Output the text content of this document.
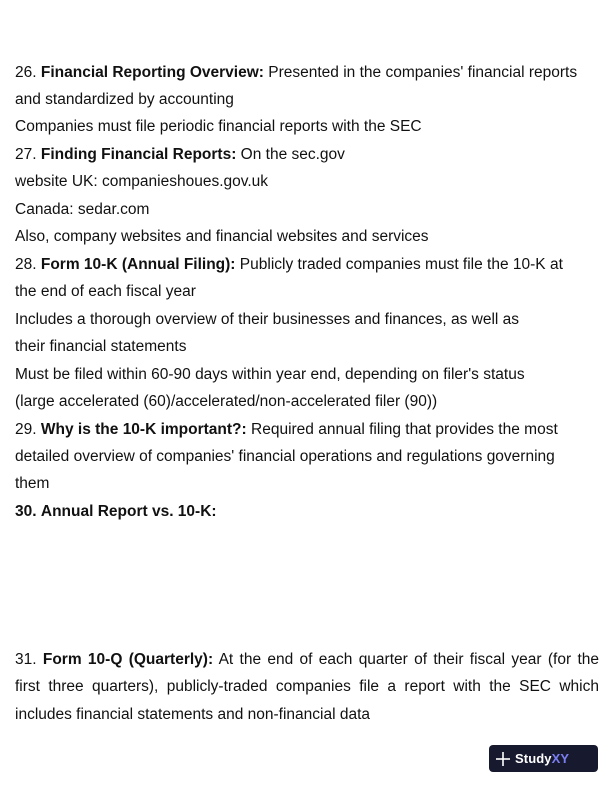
26. Financial Reporting Overview: Presented in the companies' financial reports
and standardized by accounting
Companies must file periodic financial reports with the SEC
27. Finding Financial Reports: On the sec.gov
website UK: companieshoues.gov.uk
Canada: sedar.com
Also, company websites and financial websites and services
28. Form 10-K (Annual Filing): Publicly traded companies must file the 10-K at
the end of each fiscal year
Includes a thorough overview of their businesses and finances, as well as
their financial statements
Must be filed within 60-90 days within year end, depending on filer's status
(large accelerated (60)/accelerated/non-accelerated filer (90))
29. Why is the 10-K important?: Required annual filing that provides the most
detailed overview of companies' financial operations and regulations governing
them
30. Annual Report vs. 10-K:
31. Form 10-Q (Quarterly): At the end of each quarter of their fiscal year (for the
first three quarters), publicly-traded companies file a report with the SEC which
includes financial statements and non-financial data
StudyXY
